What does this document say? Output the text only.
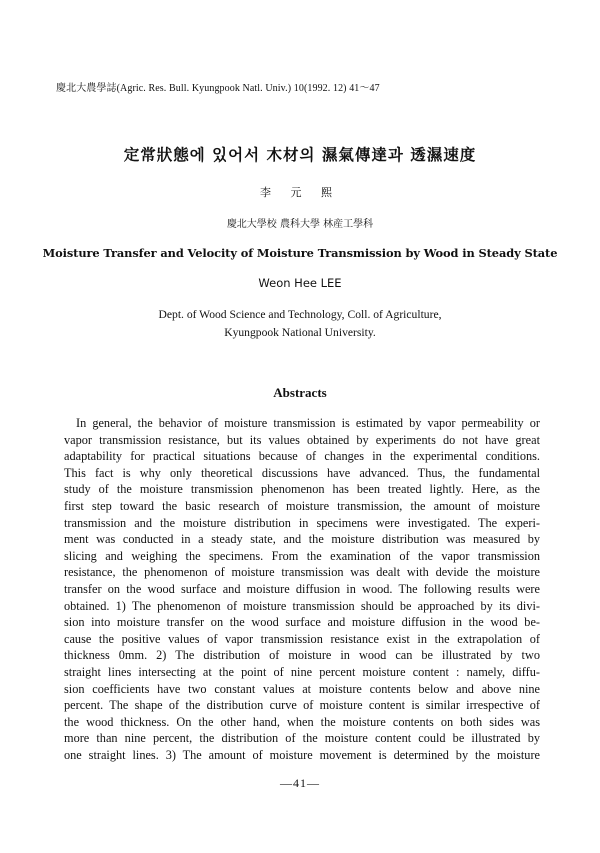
慶北大農學誌(Agric. Res. Bull. Kyungpook Natl. Univ.) 10(1992. 12) 41～47
定常狀態에 있어서 木材의 濕氣傳達과 透濕速度
李 元 熙
慶北大學校 農科大學 林産工學科
Moisture Transfer and Velocity of Moisture Transmission by Wood in Steady State
Weon Hee LEE
Dept. of Wood Science and Technology, Coll. of Agriculture,
Kyungpook National University.
Abstracts
In general, the behavior of moisture transmission is estimated by vapor permeability or
vapor transmission resistance, but its values obtained by experiments do not have great
adaptability for practical situations because of changes in the experimental conditions.
This fact is why only theoretical discussions have advanced. Thus, the fundamental
study of the moisture transmission phenomenon has been treated lightly. Here, as the
first step toward the basic research of moisture transmission, the amount of moisture
transmission and the moisture distribution in specimens were investigated. The experi-
ment was conducted in a steady state, and the moisture distribution was measured by
slicing and weighing the specimens. From the examination of the vapor transmission
resistance, the phenomenon of moisture transmission was dealt with devide the moisture
transfer on the wood surface and moisture diffusion in wood. The following results were
obtained. 1) The phenomenon of moisture transmission should be approached by its divi-
sion into moisture transfer on the wood surface and moisture diffusion in the wood be-
cause the positive values of vapor transmission resistance exist in the extrapolation of
thickness 0mm. 2) The distribution of moisture in wood can be illustrated by two
straight lines intersecting at the point of nine percent moisture content : namely, diffu-
sion coefficients have two constant values at moisture contents below and above nine
percent. The shape of the distribution curve of moisture content is similar irrespective of
the wood thickness. On the other hand, when the moisture contents on both sides was
more than nine percent, the distribution of the moisture content could be illustrated by
one straight lines. 3) The amount of moisture movement is determined by the moisture
—41—
